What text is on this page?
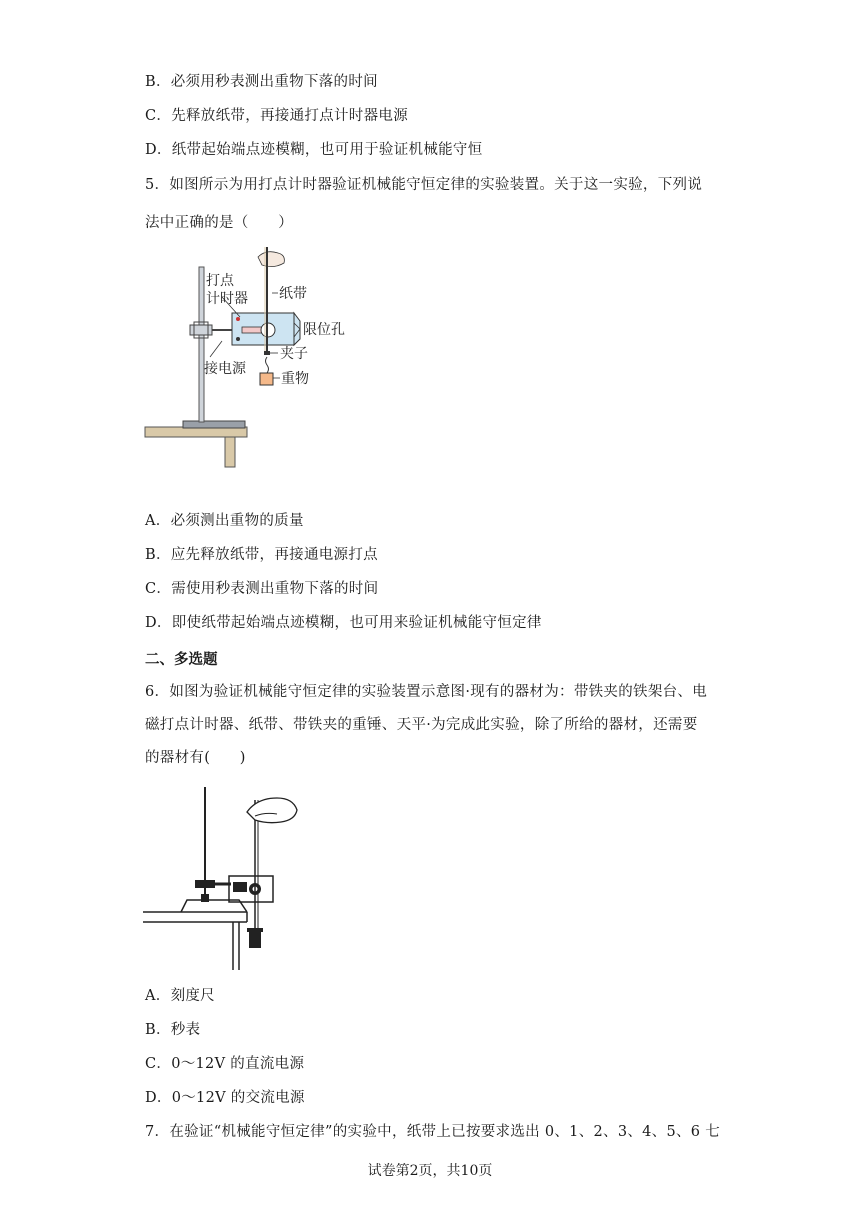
B．必须用秒表测出重物下落的时间
C．先释放纸带，再接通打点计时器电源
D．纸带起始端点迹模糊，也可用于验证机械能守恒
5．如图所示为用打点计时器验证机械能守恒定律的实验装置。关于这一实验，下列说
法中正确的是（　　）
打点
计时器 纸带
限位孔
夹子
接电源
重物
A．必须测出重物的质量
B．应先释放纸带，再接通电源打点
C．需使用秒表测出重物下落的时间
D．即使纸带起始端点迹模糊，也可用来验证机械能守恒定律
二、多选题
6．如图为验证机械能守恒定律的实验装置示意图·现有的器材为：带铁夹的铁架台、电
磁打点计时器、纸带、带铁夹的重锤、天平·为完成此实验，除了所给的器材，还需要
的器材有(　　)
A．刻度尺
B．秒表
C．0～12V 的直流电源
D．0～12V 的交流电源
7．在验证“机械能守恒定律”的实验中，纸带上已按要求选出 0、1、2、3、4、5、6 七
试卷第2页，共10页
